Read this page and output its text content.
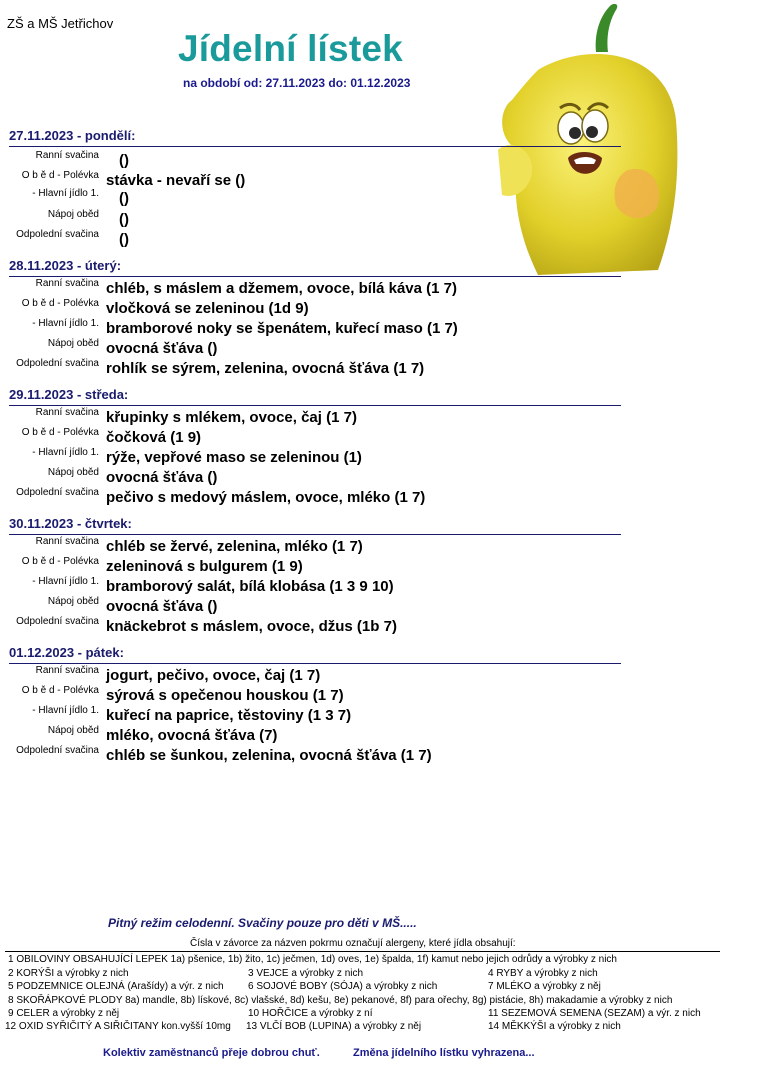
ZŠ a MŠ Jetřichov
Jídelní lístek
na období od: 27.11.2023 do: 01.12.2023
27.11.2023 - pondělí:
Ranní svačina ()
O b ě d - Polévka stávka - nevaří se ()
- Hlavní jídlo 1. ()
Nápoj oběd ()
Odpolední svačina ()
28.11.2023 - úterý:
Ranní svačina chléb, s máslem a džemem, ovoce, bílá káva (1 7)
O b ě d - Polévka vločková se zeleninou (1d 9)
- Hlavní jídlo 1. bramborové noky se špenátem, kuřecí maso (1 7)
Nápoj oběd ovocná šťáva ()
Odpolední svačina rohlík se sýrem, zelenina, ovocná šťáva (1 7)
29.11.2023 - středa:
Ranní svačina křupinky s mlékem, ovoce, čaj (1 7)
O b ě d - Polévka čočková (1 9)
- Hlavní jídlo 1. rýže, vepřové maso se zeleninou (1)
Nápoj oběd ovocná šťáva ()
Odpolední svačina pečivo s medový máslem, ovoce, mléko (1 7)
30.11.2023 - čtvrtek:
Ranní svačina chléb se žervé, zelenina, mléko (1 7)
O b ě d - Polévka zeleninová s bulgurem (1 9)
- Hlavní jídlo 1. bramborový salát, bílá klobása (1 3 9 10)
Nápoj oběd ovocná šťáva ()
Odpolední svačina knäckebrot s máslem, ovoce, džus (1b 7)
01.12.2023 - pátek:
Ranní svačina jogurt, pečivo, ovoce, čaj (1 7)
O b ě d - Polévka sýrová s opečenou houskou (1 7)
- Hlavní jídlo 1. kuřecí na paprice, těstoviny (1 3 7)
Nápoj oběd mléko, ovocná šťáva (7)
Odpolední svačina chléb se šunkou, zelenina, ovocná šťáva (1 7)
Pitný režim celodenní. Svačiny pouze pro děti v MŠ.....
Čísla v závorce za názven pokrmu označují alergeny, které jídla obsahují:
1 OBILOVINY OBSAHUJÍCÍ LEPEK 1a) pšenice, 1b) žito, 1c) ječmen, 1d) oves, 1e) špalda, 1f) kamut nebo jejich odrůdy a výrobky z nich
2 KORÝŠI a výrobky z nich	3 VEJCE a výrobky z nich	4 RYBY a výrobky z nich
5 PODZEMNICE OLEJNÁ (Arašídy) a výr. z nich 6 SOJOVÉ BOBY (SÓJA) a výrobky z nich	7 MLÉKO a výrobky z něj
8 SKOŘÁPKOVÉ PLODY 8a) mandle, 8b) lískové, 8c) vlašské, 8d) kešu, 8e) pekanové, 8f) para ořechy, 8g) pistácie, 8h) makadamie a výrobky z nich
9 CELER a výrobky z něj	10 HOŘČICE a výrobky z ní	11 SEZEMOVÁ SEMENA (SEZAM) a výr. z nich
12 OXID SYŘIČITÝ A SIŘIČITANY kon.vyšší 10mg 13 VLČÍ BOB (LUPINA) a výrobky z něj	14 MĚKKÝŠI a výrobky z nich
Kolektiv zaměstnanců přeje dobrou chuť.	Změna jídelního lístku vyhrazena...
